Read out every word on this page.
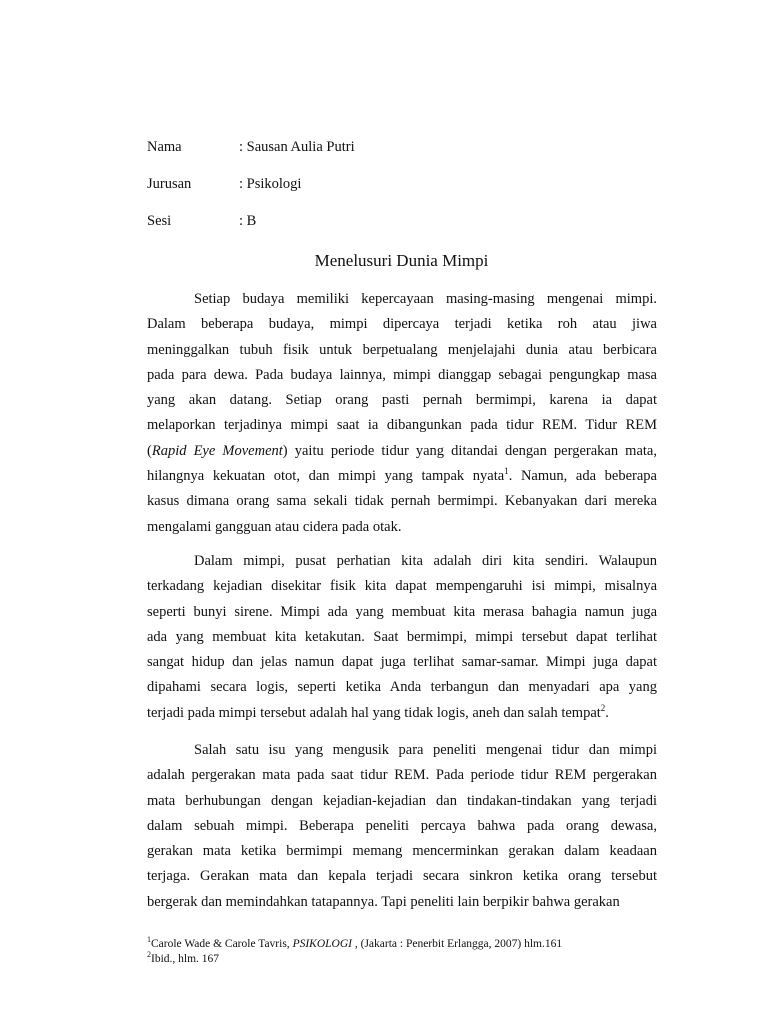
Nama	: Sausan Aulia Putri
Jurusan	: Psikologi
Sesi	: B
Menelusuri Dunia Mimpi
Setiap budaya memiliki kepercayaan masing-masing mengenai mimpi.
Dalam beberapa budaya, mimpi dipercaya terjadi ketika roh atau jiwa
meninggalkan tubuh fisik untuk berpetualang menjelajahi dunia atau berbicara
pada para dewa. Pada budaya lainnya, mimpi dianggap sebagai pengungkap masa
yang akan datang. Setiap orang pasti pernah bermimpi, karena ia dapat
melaporkan terjadinya mimpi saat ia dibangunkan pada tidur REM. Tidur REM
(Rapid Eye Movement) yaitu periode tidur yang ditandai dengan pergerakan mata,
hilangnya kekuatan otot, dan mimpi yang tampak nyata$^1$. Namun, ada beberapa
kasus dimana orang sama sekali tidak pernah bermimpi. Kebanyakan dari mereka
mengalami gangguan atau cidera pada otak.
Dalam mimpi, pusat perhatian kita adalah diri kita sendiri. Walaupun
terkadang kejadian disekitar fisik kita dapat mempengaruhi isi mimpi, misalnya
seperti bunyi sirene. Mimpi ada yang membuat kita merasa bahagia namun juga
ada yang membuat kita ketakutan. Saat bermimpi, mimpi tersebut dapat terlihat
sangat hidup dan jelas namun dapat juga terlihat samar-samar. Mimpi juga dapat
dipahami secara logis, seperti ketika Anda terbangun dan menyadari apa yang
terjadi pada mimpi tersebut adalah hal yang tidak logis, aneh dan salah tempat$^2$.
Salah satu isu yang mengusik para peneliti mengenai tidur dan mimpi
adalah pergerakan mata pada saat tidur REM. Pada periode tidur REM pergerakan
mata berhubungan dengan kejadian-kejadian dan tindakan-tindakan yang terjadi
dalam sebuah mimpi. Beberapa peneliti percaya bahwa pada orang dewasa,
gerakan mata ketika bermimpi memang mencerminkan gerakan dalam keadaan
terjaga. Gerakan mata dan kepala terjadi secara sinkron ketika orang tersebut
bergerak dan memindahkan tatapannya. Tapi peneliti lain berpikir bahwa gerakan
$^1$Carole Wade & Carole Tavris, PSIKOLOGI , (Jakarta : Penerbit Erlangga, 2007) hlm.161
$^2$Ibid., hlm. 167
